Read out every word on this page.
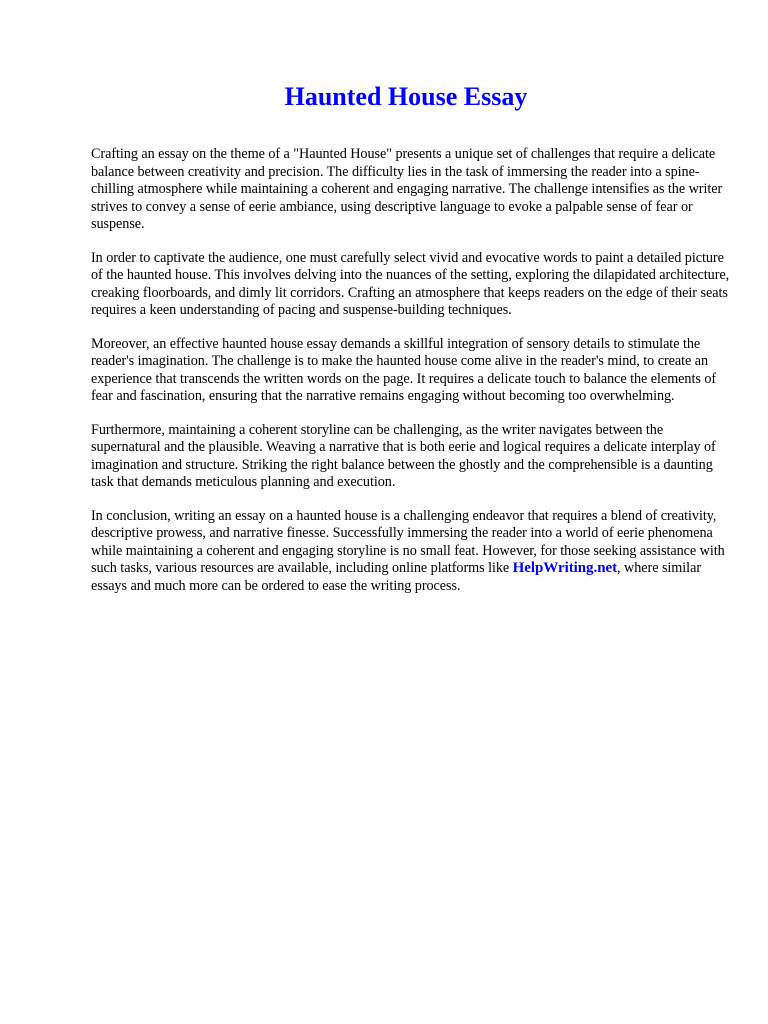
Haunted House Essay

Crafting an essay on the theme of a "Haunted House" presents a unique set of challenges that require a delicate balance between creativity and precision. The difficulty lies in the task of immersing the reader into a spine-chilling atmosphere while maintaining a coherent and engaging narrative. The challenge intensifies as the writer strives to convey a sense of eerie ambiance, using descriptive language to evoke a palpable sense of fear or suspense.

In order to captivate the audience, one must carefully select vivid and evocative words to paint a detailed picture of the haunted house. This involves delving into the nuances of the setting, exploring the dilapidated architecture, creaking floorboards, and dimly lit corridors. Crafting an atmosphere that keeps readers on the edge of their seats requires a keen understanding of pacing and suspense-building techniques.

Moreover, an effective haunted house essay demands a skillful integration of sensory details to stimulate the reader's imagination. The challenge is to make the haunted house come alive in the reader's mind, to create an experience that transcends the written words on the page. It requires a delicate touch to balance the elements of fear and fascination, ensuring that the narrative remains engaging without becoming too overwhelming.

Furthermore, maintaining a coherent storyline can be challenging, as the writer navigates between the supernatural and the plausible. Weaving a narrative that is both eerie and logical requires a delicate interplay of imagination and structure. Striking the right balance between the ghostly and the comprehensible is a daunting task that demands meticulous planning and execution.

In conclusion, writing an essay on a haunted house is a challenging endeavor that requires a blend of creativity, descriptive prowess, and narrative finesse. Successfully immersing the reader into a world of eerie phenomena while maintaining a coherent and engaging storyline is no small feat. However, for those seeking assistance with such tasks, various resources are available, including online platforms like HelpWriting.net, where similar essays and much more can be ordered to ease the writing process.
